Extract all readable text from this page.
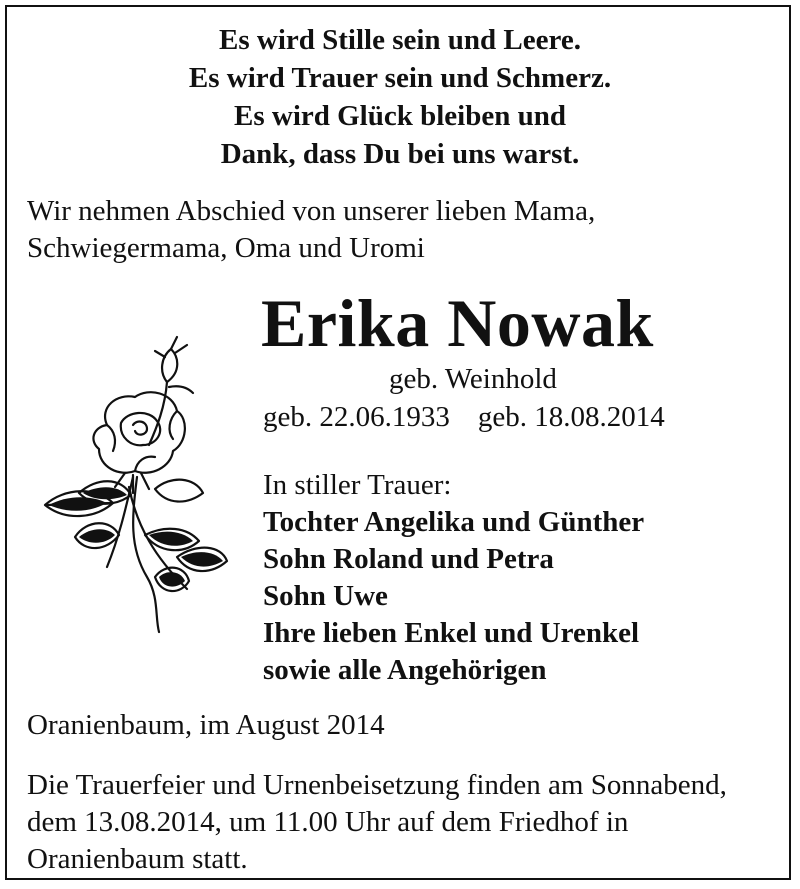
Es wird Stille sein und Leere.
Es wird Trauer sein und Schmerz.
Es wird Glück bleiben und
Dank, dass Du bei uns warst.
Wir nehmen Abschied von unserer lieben Mama,
Schwiegermama, Oma und Uromi
Erika Nowak
geb. Weinhold
geb. 22.06.1933 geb. 18.08.2014
In stiller Trauer:
Tochter Angelika und Günther
Sohn Roland und Petra
Sohn Uwe
Ihre lieben Enkel und Urenkel
sowie alle Angehörigen
Oranienbaum, im August 2014
Die Trauerfeier und Urnenbeisetzung finden am Sonnabend,
dem 13.08.2014, um 11.00 Uhr auf dem Friedhof in
Oranienbaum statt.
